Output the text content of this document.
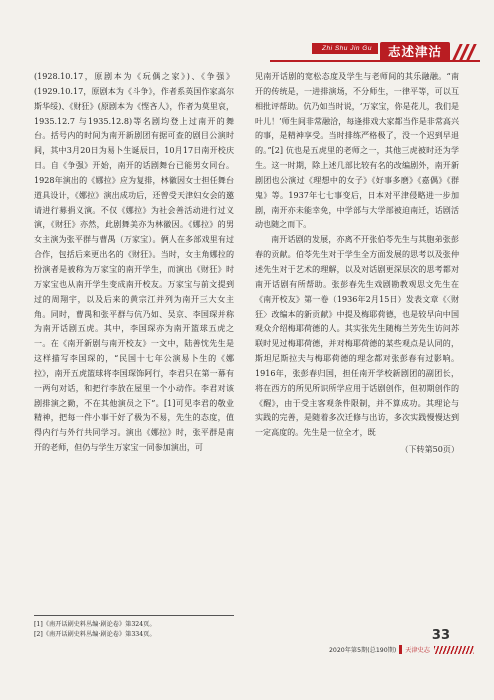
Zhi Shu Jin Gu	志述津沽

(1928.10.17，原剧本为《玩偶之家》)、《争强》(1929.10.17，原剧本为《斗争》，作者系英国作家高尔斯华绥)、《财狂》(原剧本为《悭吝人》，作者为莫里哀，1935.12.7 与1935.12.8)等名剧均登上过南开的舞台。括号内的时间为南开新剧团有据可查的剧目公演时间，其中3月20日为易卜生诞辰日，10月17日南开校庆日。自《争强》开始，南开的话剧舞台已能男女同台。1928年演出的《娜拉》应为复排，林徽因女士担任舞台道具设计，《娜拉》演出成功后，还曾受天津妇女会的邀请进行募捐义演。不仅《娜拉》为社会善活动进行过义演，《财狂》亦然，此剧舞美亦为林徽因。《娜拉》的男女主演为张平群与曹禺（万家宝）。俩人在多部戏里有过合作，包括后来更出名的《财狂》。当时，女主角娜拉的扮演者是被称为万家宝的南开学生，而演出《财狂》时万家宝也从南开学生变成南开校友。万家宝与前文提到过的周翔宇，以及后来的黄宗江并列为南开三大女主角。同时，曹禺和张平群与伉乃如、吴京、李国琛并称为南开话剧五虎。其中，李国琛亦为南开篮球五虎之一。在《南开新剧与南开校友》一文中，陆善忱先生是这样描写李国琛的，“民国十七年公演易卜生的《娜拉》，南开五虎篮球将李国琛饰阿行，李君只在第一幕有一两句对话，和把行李放在屋里一个小动作。李君对该剧排演之勤，不在其他演员之下”。[1]可见李君的敬业精神，把每一件小事干好了极为不易，先生的态度，值得内行与外行共同学习。演出《娜拉》时，张平群是南开的老师，但仍与学生万家宝一同参加演出，可

见南开话剧的宽松态度及学生与老师间的其乐融融。“南开的传统是，一进排演场，不分师生，一律平等，可以互相批评帮助。伉乃如当时说，‘万家宝，你是花儿，我们是叶儿！’师生间非常融洽，每逢排戏大家都当作是非常高兴的事，是精神享受。当时排练严格极了，没一个迟到早退的。”[2] 伉也是五虎里的老师之一，其他三虎被时还为学生。这一时期，除上述几部比较有名的改编剧外，南开新剧团也公演过《理想中的女子》《好事多磨》《嘉偶》《群鬼》等。1937年七七事变后，日本对平津侵略进一步加剧，南开亦未能幸免，中学部与大学部被迫南迁，话剧活动也随之而下。

南开话剧的发展，亦离不开张伯苓先生与其胞弟张彭春的贡献。伯苓先生对于学生全方面发展的思考以及张仲述先生对于艺术的理解，以及对话剧更深层次的思考都对南开话剧有所帮助。张彭春先生戏剧勘教观思文先生在《南开校友》第一卷（1936年2月15日）发表文章《〈财狂〉改编本的新贡献》中提及梅耶荷德，也是较早向中国观众介绍梅耶荷德的人。其实张先生随梅兰芳先生访问苏联时见过梅耶荷德，并对梅耶荷德的某些观点是认同的，斯坦尼斯拉夫与梅耶荷德的理念都对张彭春有过影响。1916年，张彭春归国，担任南开学校新剧团的副团长，将在西方的所见所识所学应用于话剧创作，但初期创作的《醒》，由于受主客观条件限制，并不算成功。其理论与实践的完善，是随着多次迁修与出访，多次实践慢慢达到一定高度的。先生是一位全才，既

（下转第50页）

[1]《南开话剧史料丛编·剧论卷》第324页。

[2]《南开话剧史料丛编·剧论卷》第334页。	33
2020年第5期(总190期) 天津史志
